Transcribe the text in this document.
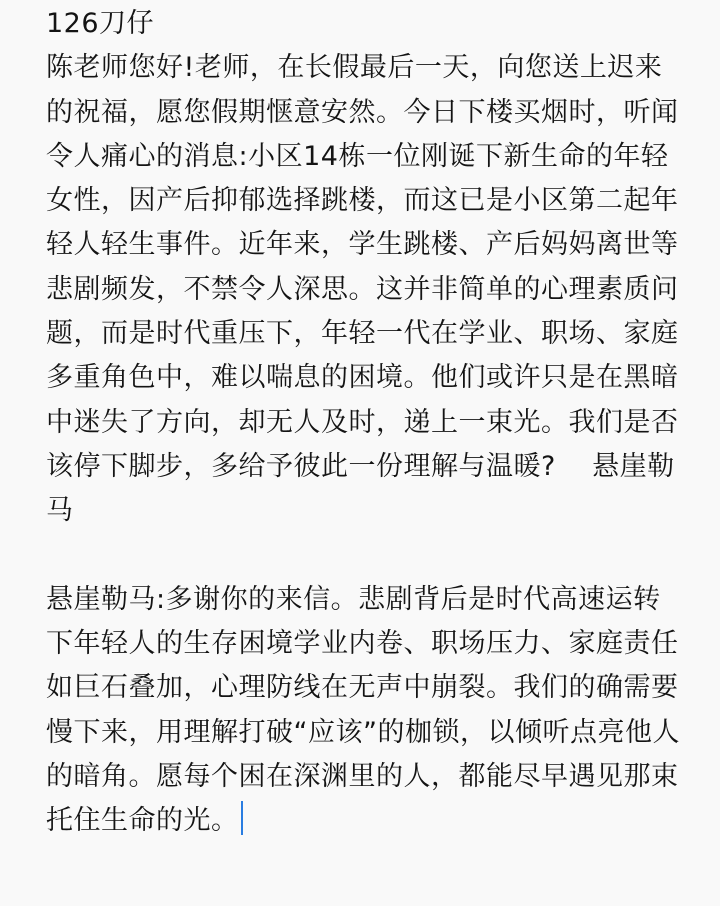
126刀仔

陈老师您好!老师，在长假最后一天，向您送上迟来的祝福，愿您假期惬意安然。今日下楼买烟时，听闻令人痛心的消息:小区14栋一位刚诞下新生命的年轻女性，因产后抑郁选择跳楼，而这已是小区第二起年轻人轻生事件。近年来，学生跳楼、产后妈妈离世等悲剧频发，不禁令人深思。这并非简单的心理素质问题，而是时代重压下，年轻一代在学业、职场、家庭多重角色中，难以喘息的困境。他们或许只是在黑暗中迷失了方向，却无人及时，递上一束光。我们是否该停下脚步，多给予彼此一份理解与温暖?    悬崖勒马

悬崖勒马:多谢你的来信。悲剧背后是时代高速运转下年轻人的生存困境学业内卷、职场压力、家庭责任如巨石叠加，心理防线在无声中崩裂。我们的确需要慢下来，用理解打破“应该”的枷锁，以倾听点亮他人的暗角。愿每个困在深渊里的人，都能尽早遇见那束托住生命的光。
